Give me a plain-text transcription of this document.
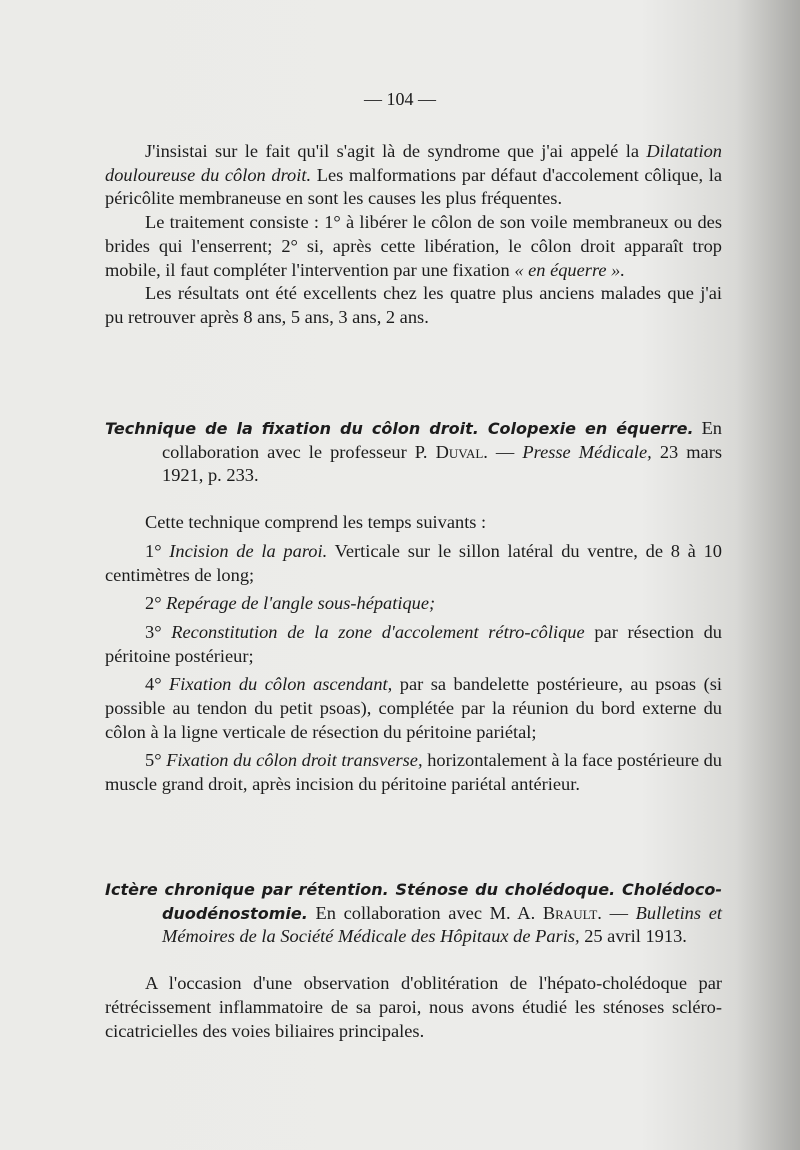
— 104 —

J'insistai sur le fait qu'il s'agit là de syndrome que j'ai appelé la Dilatation douloureuse du côlon droit. Les malformations par défaut d'accolement côlique, la péricôlite membraneuse en sont les causes les plus fréquentes.

Le traitement consiste : 1° à libérer le côlon de son voile membraneux ou des brides qui l'enserrent; 2° si, après cette libération, le côlon droit apparaît trop mobile, il faut compléter l'intervention par une fixation « en équerre ».

Les résultats ont été excellents chez les quatre plus anciens malades que j'ai pu retrouver après 8 ans, 5 ans, 3 ans, 2 ans.

Technique de la fixation du côlon droit. Colopexie en équerre. En collaboration avec le professeur P. Duval. — Presse Médicale, 23 mars 1921, p. 233.

Cette technique comprend les temps suivants :

1° Incision de la paroi. Verticale sur le sillon latéral du ventre, de 8 à 10 centimètres de long;

2° Repérage de l'angle sous-hépatique;

3° Reconstitution de la zone d'accolement rétro-côlique par résection du péritoine postérieur;

4° Fixation du côlon ascendant, par sa bandelette postérieure, au psoas (si possible au tendon du petit psoas), complétée par la réunion du bord externe du côlon à la ligne verticale de résection du péritoine pariétal;

5° Fixation du côlon droit transverse, horizontalement à la face postérieure du muscle grand droit, après incision du péritoine pariétal antérieur.

Ictère chronique par rétention. Sténose du cholédoque. Cholédoco-duodénostomie. En collaboration avec M. A. Brault. — Bulletins et Mémoires de la Société Médicale des Hôpitaux de Paris, 25 avril 1913.

A l'occasion d'une observation d'oblitération de l'hépato-cholédoque par rétrécissement inflammatoire de sa paroi, nous avons étudié les sténoses scléro-cicatricielles des voies biliaires principales.
